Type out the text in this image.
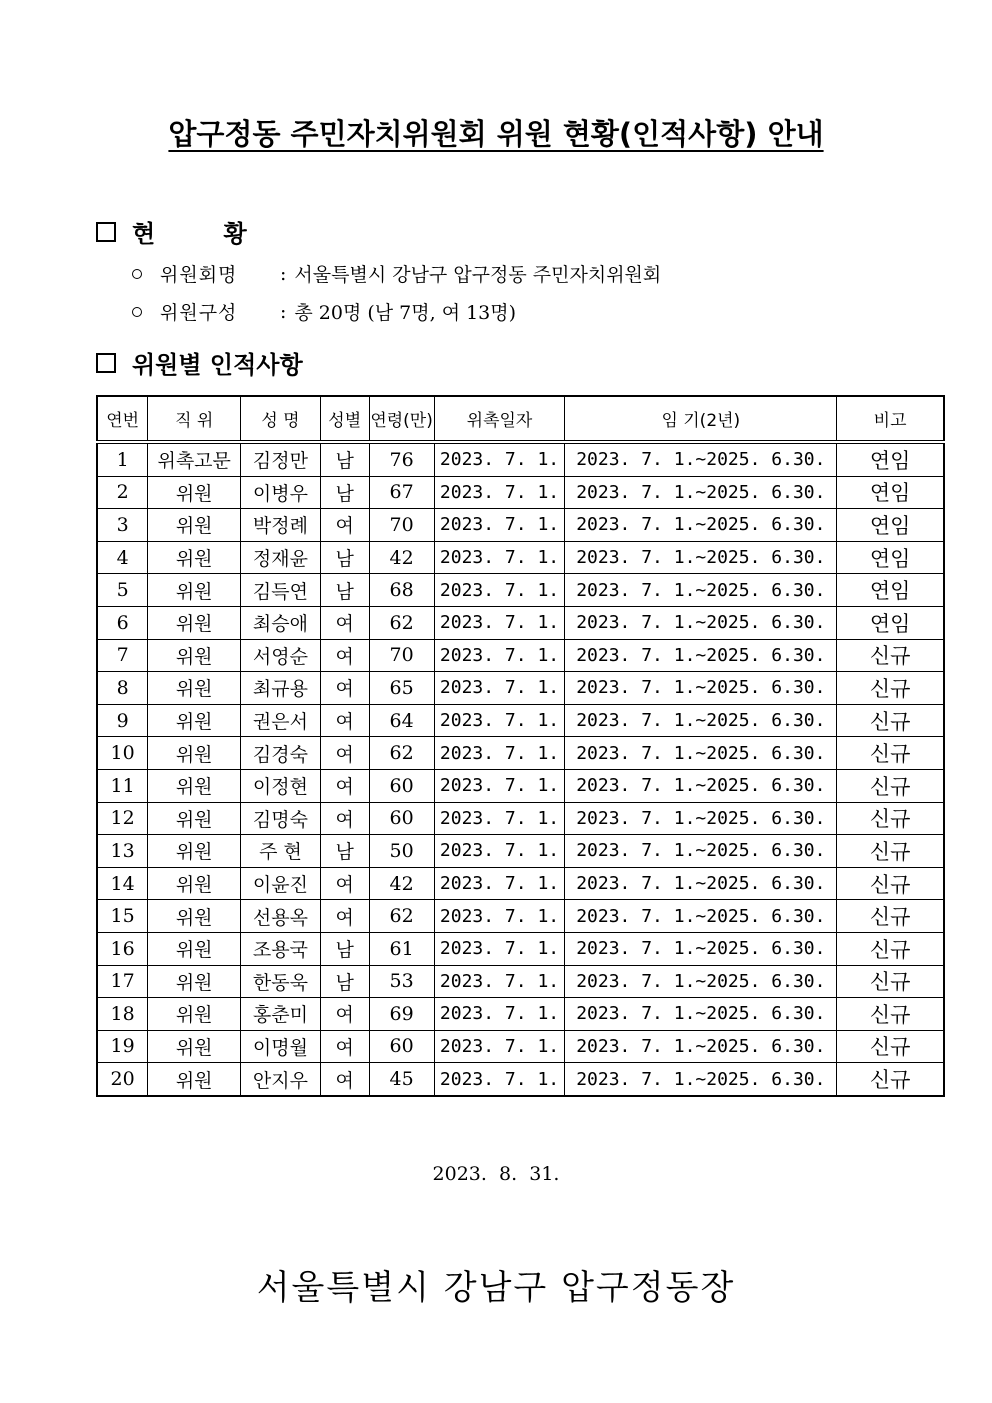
압구정동 주민자치위원회 위원 현황(인적사항) 안내
현 황
위원회명	: 서울특별시 강남구 압구정동 주민자치위원회
위원구성	: 총 20명 (남 7명, 여 13명)
위원별 인적사항
연번	직 위	성 명	성별	연령(만)	위촉일자	임 기(2년)	비고
1	위촉고문	김정만	남	76	2023. 7. 1.	2023. 7. 1.~2025. 6.30.	연임
2	위원	이병우	남	67	2023. 7. 1.	2023. 7. 1.~2025. 6.30.	연임
3	위원	박정례	여	70	2023. 7. 1.	2023. 7. 1.~2025. 6.30.	연임
4	위원	정재윤	남	42	2023. 7. 1.	2023. 7. 1.~2025. 6.30.	연임
5	위원	김득연	남	68	2023. 7. 1.	2023. 7. 1.~2025. 6.30.	연임
6	위원	최승애	여	62	2023. 7. 1.	2023. 7. 1.~2025. 6.30.	연임
7	위원	서영순	여	70	2023. 7. 1.	2023. 7. 1.~2025. 6.30.	신규
8	위원	최규용	여	65	2023. 7. 1.	2023. 7. 1.~2025. 6.30.	신규
9	위원	권은서	여	64	2023. 7. 1.	2023. 7. 1.~2025. 6.30.	신규
10	위원	김경숙	여	62	2023. 7. 1.	2023. 7. 1.~2025. 6.30.	신규
11	위원	이정현	여	60	2023. 7. 1.	2023. 7. 1.~2025. 6.30.	신규
12	위원	김명숙	여	60	2023. 7. 1.	2023. 7. 1.~2025. 6.30.	신규
13	위원	주 현	남	50	2023. 7. 1.	2023. 7. 1.~2025. 6.30.	신규
14	위원	이윤진	여	42	2023. 7. 1.	2023. 7. 1.~2025. 6.30.	신규
15	위원	선용옥	여	62	2023. 7. 1.	2023. 7. 1.~2025. 6.30.	신규
16	위원	조용국	남	61	2023. 7. 1.	2023. 7. 1.~2025. 6.30.	신규
17	위원	한동욱	남	53	2023. 7. 1.	2023. 7. 1.~2025. 6.30.	신규
18	위원	홍춘미	여	69	2023. 7. 1.	2023. 7. 1.~2025. 6.30.	신규
19	위원	이명월	여	60	2023. 7. 1.	2023. 7. 1.~2025. 6.30.	신규
20	위원	안지우	여	45	2023. 7. 1.	2023. 7. 1.~2025. 6.30.	신규
2023.  8.  31.
서울특별시 강남구 압구정동장
